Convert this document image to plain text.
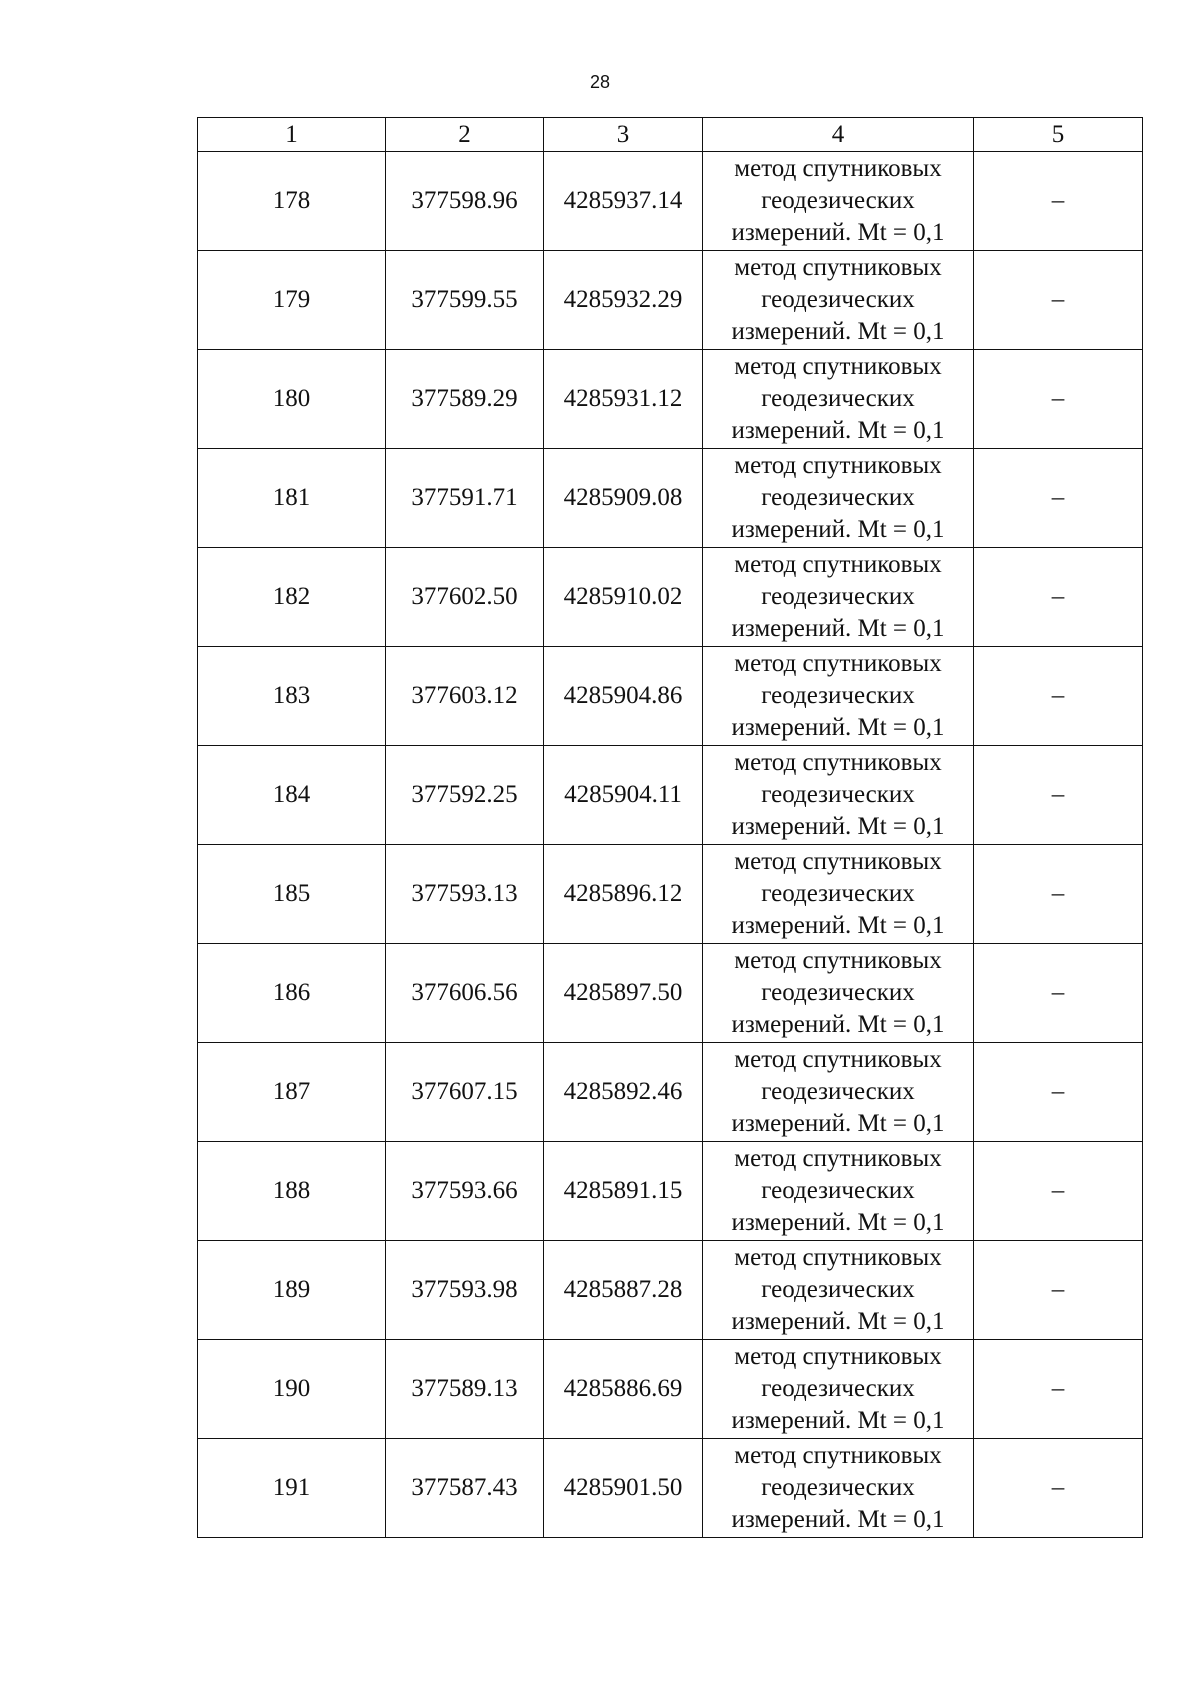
28
1	2	3	4	5
178	377598.96	4285937.14	метод спутниковых
геодезических
измерений. Mt = 0,1	–
179	377599.55	4285932.29	метод спутниковых
геодезических
измерений. Mt = 0,1	–
180	377589.29	4285931.12	метод спутниковых
геодезических
измерений. Mt = 0,1	–
181	377591.71	4285909.08	метод спутниковых
геодезических
измерений. Mt = 0,1	–
182	377602.50	4285910.02	метод спутниковых
геодезических
измерений. Mt = 0,1	–
183	377603.12	4285904.86	метод спутниковых
геодезических
измерений. Mt = 0,1	–
184	377592.25	4285904.11	метод спутниковых
геодезических
измерений. Mt = 0,1	–
185	377593.13	4285896.12	метод спутниковых
геодезических
измерений. Mt = 0,1	–
186	377606.56	4285897.50	метод спутниковых
геодезических
измерений. Mt = 0,1	–
187	377607.15	4285892.46	метод спутниковых
геодезических
измерений. Mt = 0,1	–
188	377593.66	4285891.15	метод спутниковых
геодезических
измерений. Mt = 0,1	–
189	377593.98	4285887.28	метод спутниковых
геодезических
измерений. Mt = 0,1	–
190	377589.13	4285886.69	метод спутниковых
геодезических
измерений. Mt = 0,1	–
191	377587.43	4285901.50	метод спутниковых
геодезических
измерений. Mt = 0,1	–
